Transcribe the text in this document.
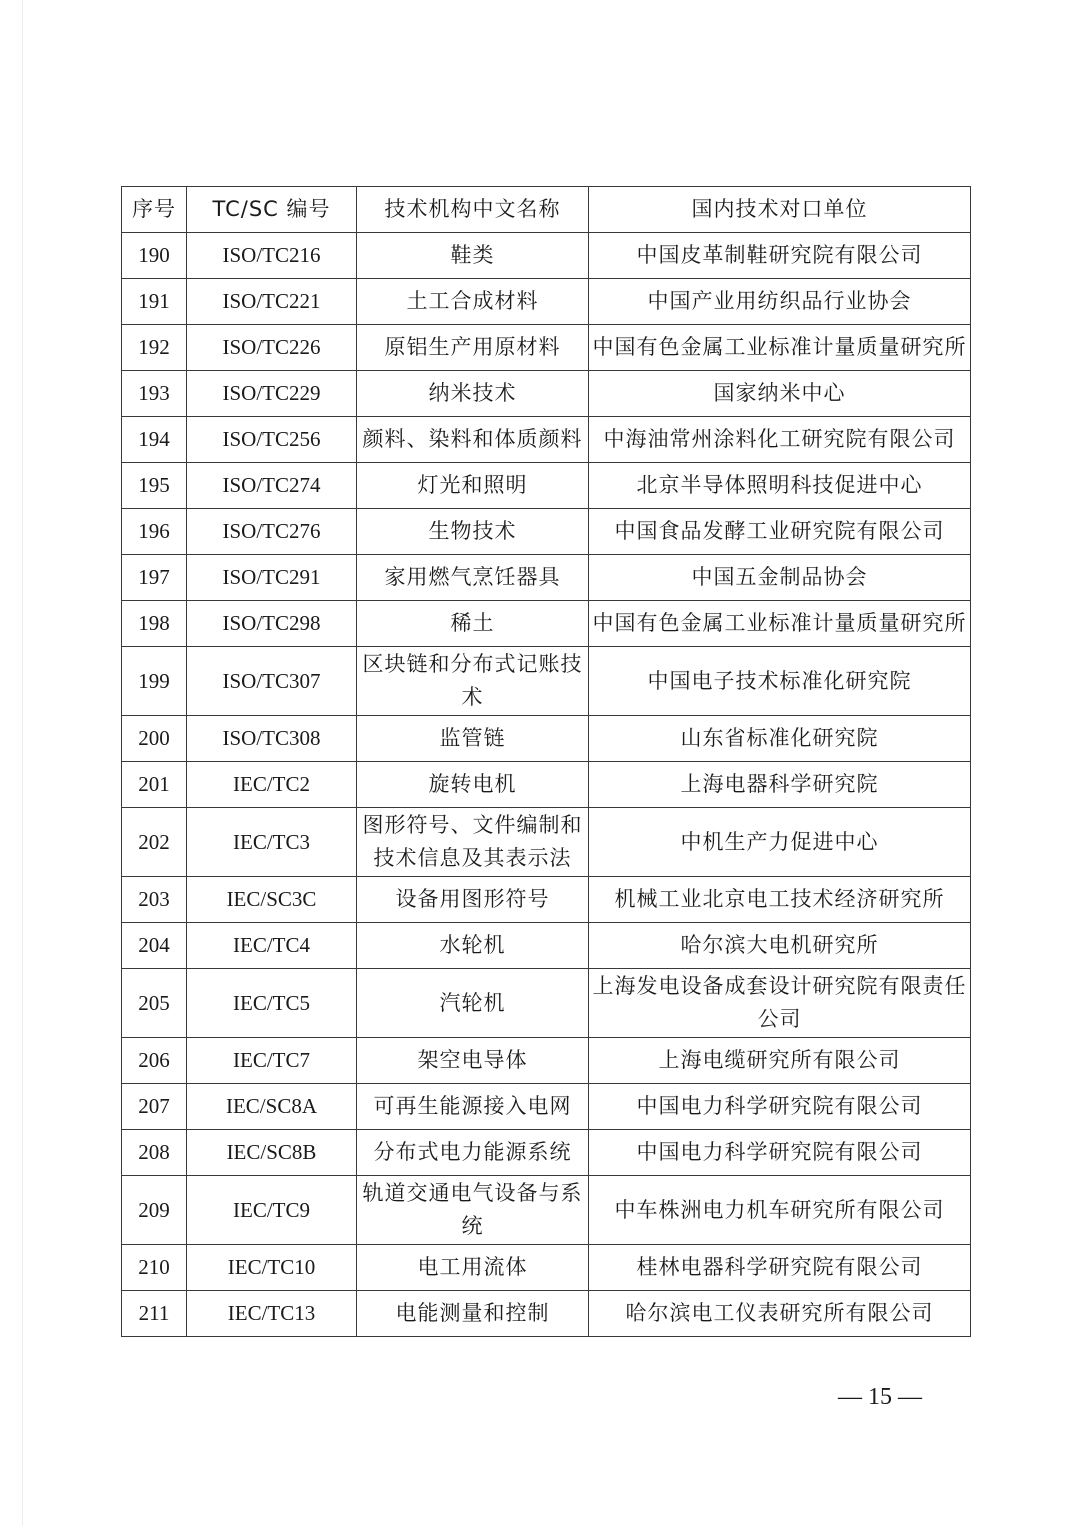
序号	TC/SC 编号	技术机构中文名称	国内技术对口单位
190	ISO/TC216	鞋类	中国皮革制鞋研究院有限公司
191	ISO/TC221	土工合成材料	中国产业用纺织品行业协会
192	ISO/TC226	原铝生产用原材料	中国有色金属工业标准计量质量研究所
193	ISO/TC229	纳米技术	国家纳米中心
194	ISO/TC256	颜料、染料和体质颜料	中海油常州涂料化工研究院有限公司
195	ISO/TC274	灯光和照明	北京半导体照明科技促进中心
196	ISO/TC276	生物技术	中国食品发酵工业研究院有限公司
197	ISO/TC291	家用燃气烹饪器具	中国五金制品协会
198	ISO/TC298	稀土	中国有色金属工业标准计量质量研究所
199	ISO/TC307	区块链和分布式记账技术	中国电子技术标准化研究院
200	ISO/TC308	监管链	山东省标准化研究院
201	IEC/TC2	旋转电机	上海电器科学研究院
202	IEC/TC3	图形符号、文件编制和技术信息及其表示法	中机生产力促进中心
203	IEC/SC3C	设备用图形符号	机械工业北京电工技术经济研究所
204	IEC/TC4	水轮机	哈尔滨大电机研究所
205	IEC/TC5	汽轮机	上海发电设备成套设计研究院有限责任公司
206	IEC/TC7	架空电导体	上海电缆研究所有限公司
207	IEC/SC8A	可再生能源接入电网	中国电力科学研究院有限公司
208	IEC/SC8B	分布式电力能源系统	中国电力科学研究院有限公司
209	IEC/TC9	轨道交通电气设备与系统	中车株洲电力机车研究所有限公司
210	IEC/TC10	电工用流体	桂林电器科学研究院有限公司
211	IEC/TC13	电能测量和控制	哈尔滨电工仪表研究所有限公司
— 15 —
